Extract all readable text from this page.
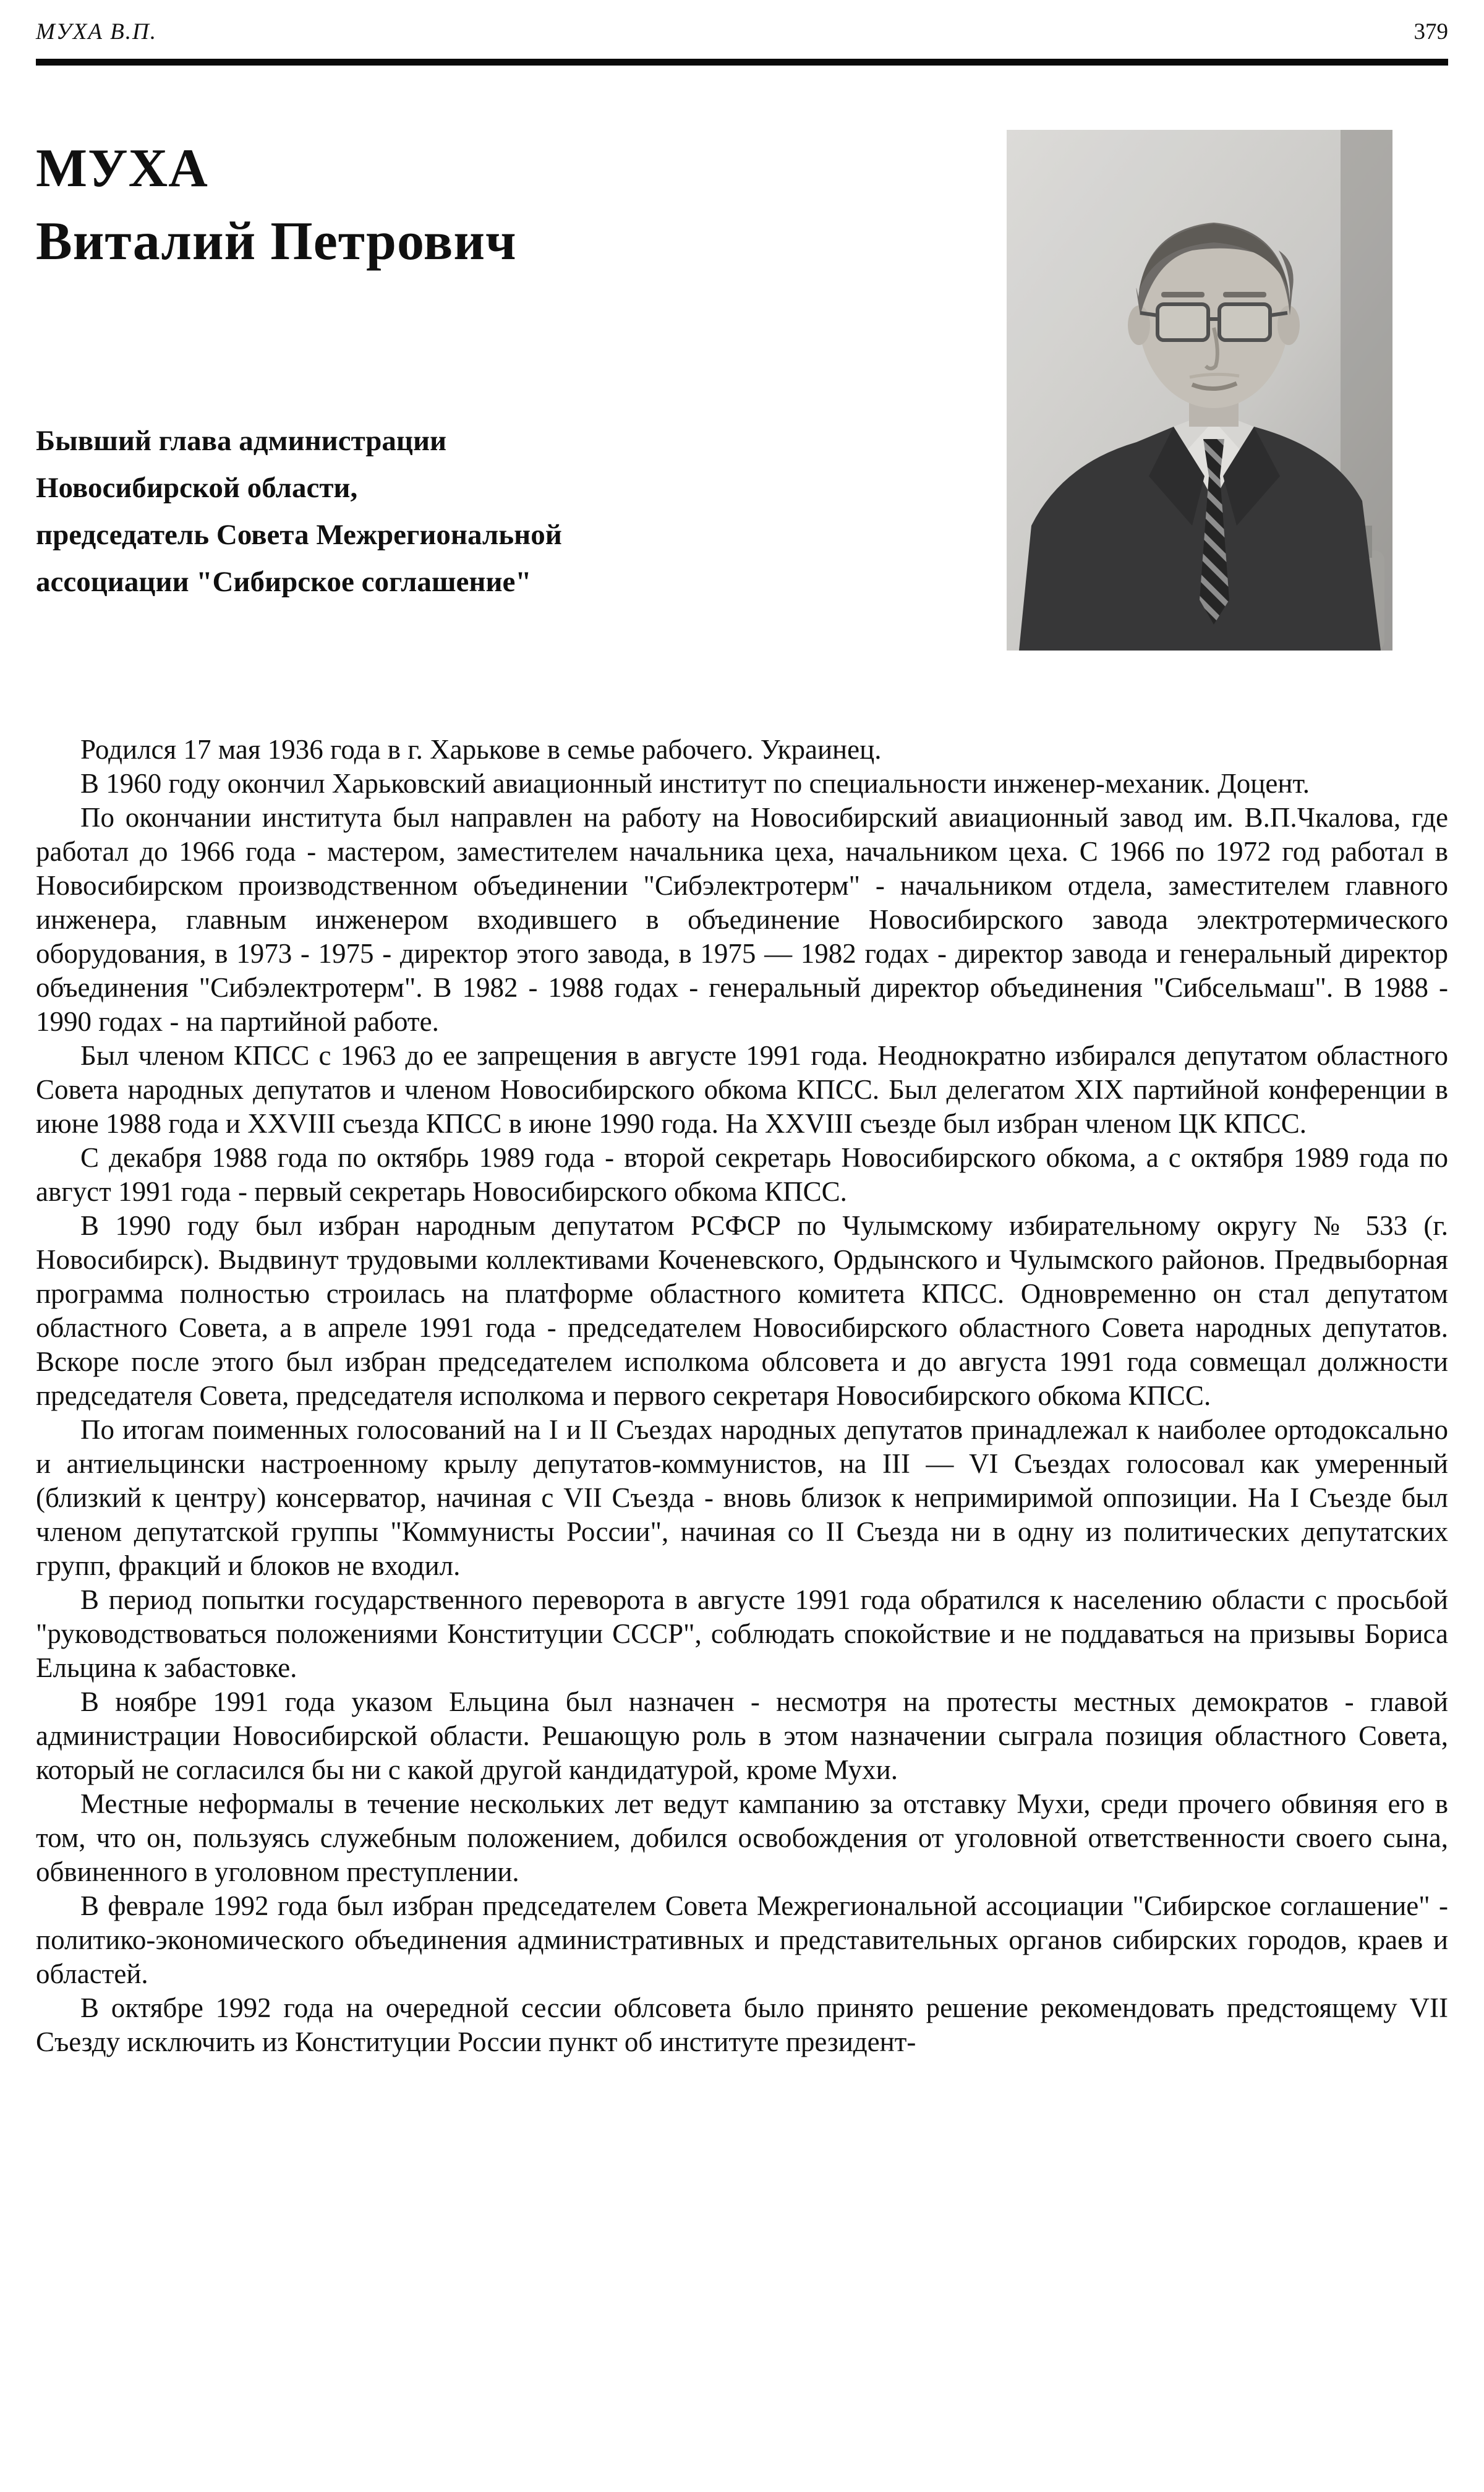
МУХА В.П.	379
МУХА
Виталий Петрович
Бывший глава администрации
Новосибирской области,
председатель Совета Межрегиональной
ассоциации "Сибирское соглашение"

Родился 17 мая 1936 года в г. Харькове в семье рабочего. Украинец.

В 1960 году окончил Харьковский авиационный институт по специальности инженер-механик. Доцент.

По окончании института был направлен на работу на Новосибирский авиационный завод им. В.П.Чкалова, где работал до 1966 года - мастером, заместителем начальника цеха, начальником цеха. С 1966 по 1972 год работал в Новосибирском производственном объединении "Сибэлектротерм" - начальником отдела, заместителем главного инженера, главным инженером входившего в объединение Новосибирского завода электротермического оборудования, в 1973 - 1975 - директор этого завода, в 1975 — 1982 годах - директор завода и генеральный директор объединения "Сибэлектротерм". В 1982 - 1988 годах - генеральный директор объединения "Сибсельмаш". В 1988 - 1990 годах - на партийной работе.

Был членом КПСС с 1963 до ее запрещения в августе 1991 года. Неоднократно избирался депутатом областного Совета народных депутатов и членом Новосибирского обкома КПСС. Был делегатом XIX партийной конференции в июне 1988 года и XXVIII съезда КПСС в июне 1990 года. На XXVIII съезде был избран членом ЦК КПСС.

С декабря 1988 года по октябрь 1989 года - второй секретарь Новосибирского обкома, а с октября 1989 года по август 1991 года - первый секретарь Новосибирского обкома КПСС.

В 1990 году был избран народным депутатом РСФСР по Чулымскому избирательному округу № 533 (г. Новосибирск). Выдвинут трудовыми коллективами Коченевского, Ордынского и Чулымского районов. Предвыборная программа полностью строилась на платформе областного комитета КПСС. Одновременно он стал депутатом областного Совета, а в апреле 1991 года - председателем Новосибирского областного Совета народных депутатов. Вскоре после этого был избран председателем исполкома облсовета и до августа 1991 года совмещал должности председателя Совета, председателя исполкома и первого секретаря Новосибирского обкома КПСС.

По итогам поименных голосований на I и II Съездах народных депутатов принадлежал к наиболее ортодоксально и антиельцински настроенному крылу депутатов-коммунистов, на III — VI Съездах голосовал как умеренный (близкий к центру) консерватор, начиная с VII Съезда - вновь близок к непримиримой оппозиции. На I Съезде был членом депутатской группы "Коммунисты России", начиная со II Съезда ни в одну из политических депутатских групп, фракций и блоков не входил.

В период попытки государственного переворота в августе 1991 года обратился к населению области с просьбой "руководствоваться положениями Конституции СССР", соблюдать спокойствие и не поддаваться на призывы Бориса Ельцина к забастовке.

В ноябре 1991 года указом Ельцина был назначен - несмотря на протесты местных демократов - главой администрации Новосибирской области. Решающую роль в этом назначении сыграла позиция областного Совета, который не согласился бы ни с какой другой кандидатурой, кроме Мухи.

Местные неформалы в течение нескольких лет ведут кампанию за отставку Мухи, среди прочего обвиняя его в том, что он, пользуясь служебным положением, добился освобождения от уголовной ответственности своего сына, обвиненного в уголовном преступлении.

В феврале 1992 года был избран председателем Совета Межрегиональной ассоциации "Сибирское соглашение" - политико-экономического объединения административных и представительных органов сибирских городов, краев и областей.

В октябре 1992 года на очередной сессии облсовета было принято решение рекомендовать предстоящему VII Съезду исключить из Конституции России пункт об институте президент-
